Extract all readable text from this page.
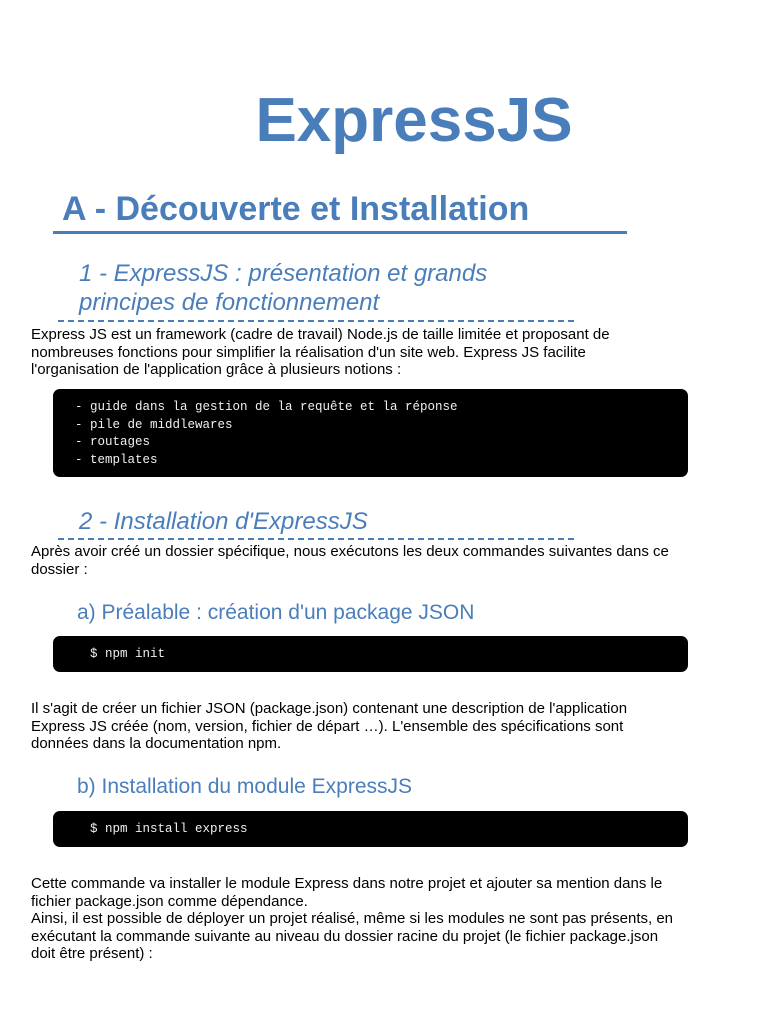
ExpressJS
A - Découverte et Installation
1 - ExpressJS : présentation et grands
principes de fonctionnement
Express JS est un framework (cadre de travail) Node.js de taille limitée et proposant de
nombreuses fonctions pour simplifier la réalisation d'un site web. Express JS facilite
l'organisation de l'application grâce à plusieurs notions :
- guide dans la gestion de la requête et la réponse
- pile de middlewares
- routages
- templates
2 - Installation d'ExpressJS
Après avoir créé un dossier spécifique, nous exécutons les deux commandes suivantes dans ce
dossier :
a) Préalable : création d'un package JSON
$ npm init
Il s'agit de créer un fichier JSON (package.json) contenant une description de l'application
Express JS créée (nom, version, fichier de départ …). L'ensemble des spécifications sont
données dans la documentation npm.
b) Installation du module ExpressJS
$ npm install express
Cette commande va installer le module Express dans notre projet et ajouter sa mention dans le
fichier package.json comme dépendance.
Ainsi, il est possible de déployer un projet réalisé, même si les modules ne sont pas présents, en
exécutant la commande suivante au niveau du dossier racine du projet (le fichier package.json
doit être présent) :
